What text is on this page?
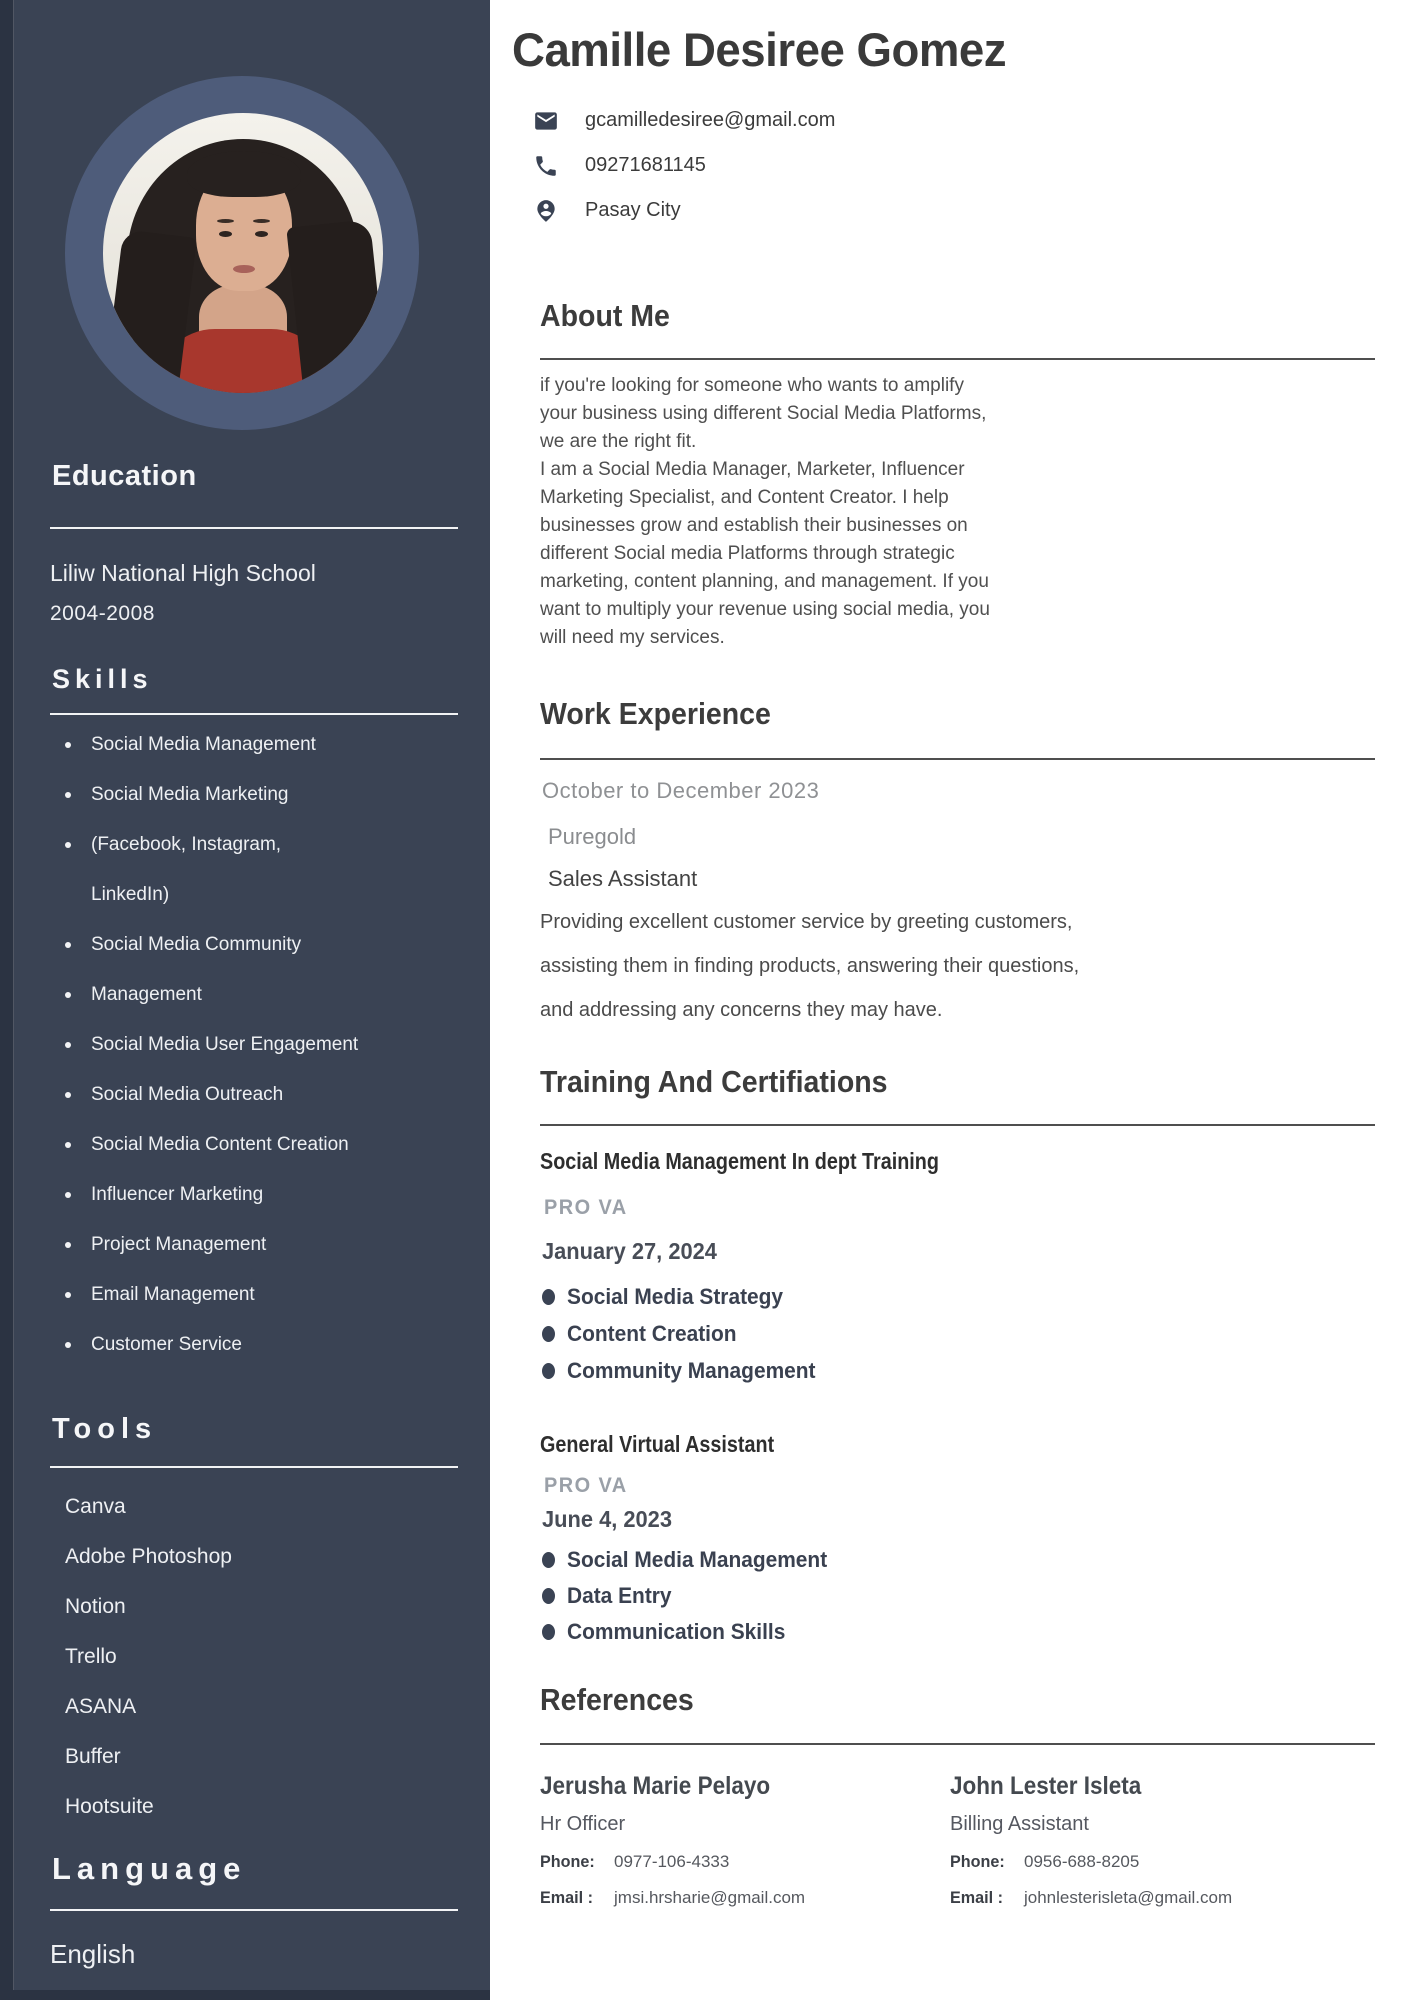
Education
Liliw National High School
2004-2008
Skills
Social Media Management
Social Media Marketing
(Facebook, Instagram,
LinkedIn)
Social Media Community
Management
Social Media User Engagement
Social Media Outreach
Social Media Content Creation
Influencer Marketing
Project Management
Email Management
Customer Service
Tools
Canva
Adobe Photoshop
Notion
Trello
ASANA
Buffer
Hootsuite
Language
English
Camille Desiree Gomez
gcamilledesiree@gmail.com
09271681145
Pasay City
About Me
if you're looking for someone who wants to amplify
your business using different Social Media Platforms,
we are the right fit.
I am a Social Media Manager, Marketer, Influencer
Marketing Specialist, and Content Creator. I help
businesses grow and establish their businesses on
different Social media Platforms through strategic
marketing, content planning, and management. If you
want to multiply your revenue using social media, you
will need my services.
Work Experience
October to December 2023
Puregold
Sales Assistant
Providing excellent customer service by greeting customers,
assisting them in finding products, answering their questions,
and addressing any concerns they may have.
Training And Certifiations
Social Media Management In dept Training
PRO VA
January 27, 2024
Social Media Strategy
Content Creation
Community Management
General Virtual Assistant
PRO VA
June 4, 2023
Social Media Management
Data Entry
Communication Skills
References
Jerusha Marie Pelayo
Hr Officer
Phone:	0977-106-4333
Email :	jmsi.hrsharie@gmail.com
John Lester Isleta
Billing Assistant
Phone:	0956-688-8205
Email :	johnlesterisleta@gmail.com
